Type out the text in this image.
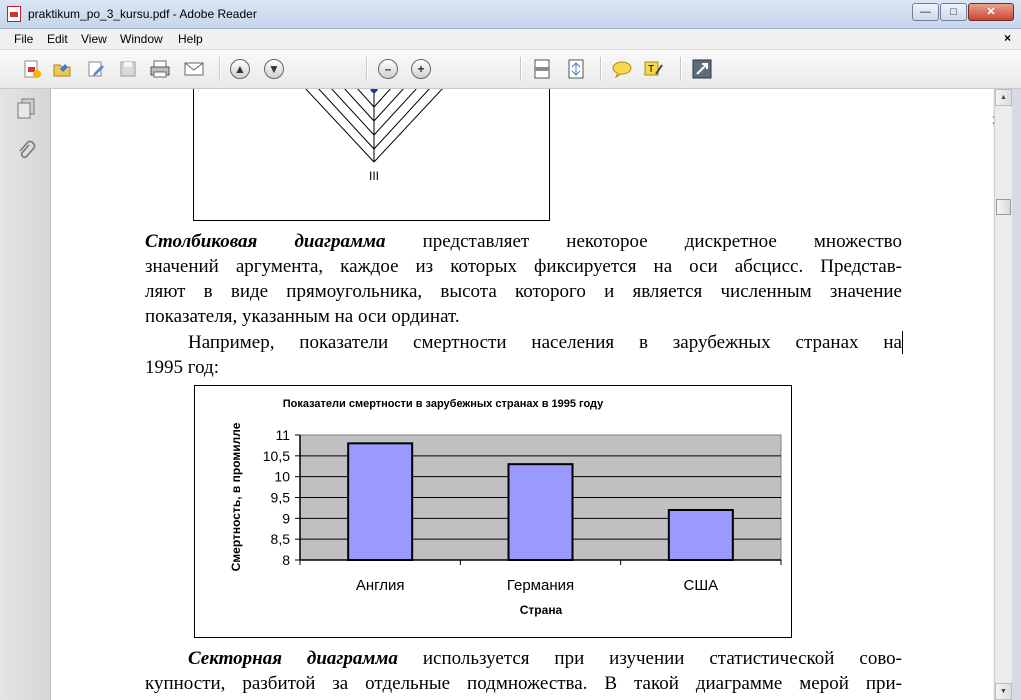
praktikum_po_3_kursu.pdf - Adobe Reader	—	□	✕
File Edit View Window Help	×
▲	▼	–	+	T
III
Столбиковая диаграмма представляет некоторое дискретное множество
значений аргумента, каждое из которых фиксируется на оси абсцисс. Представ-
ляют в виде прямоугольника, высота которого и является численным значение
показателя, указанным на оси ординат.
Например, показатели смертности населения в зарубежных странах на
1995 год:
Показатели смертности в зарубежных странах в 1995 году
8
8,5
9
9,5
10
10,5
11
Англия	Германия	США
Страна
Смертность, в промилле
Секторная диаграмма используется при изучении статистической сово-
купности, разбитой за отдельные подмножества. В такой диаграмме мерой при-
▲
▼
